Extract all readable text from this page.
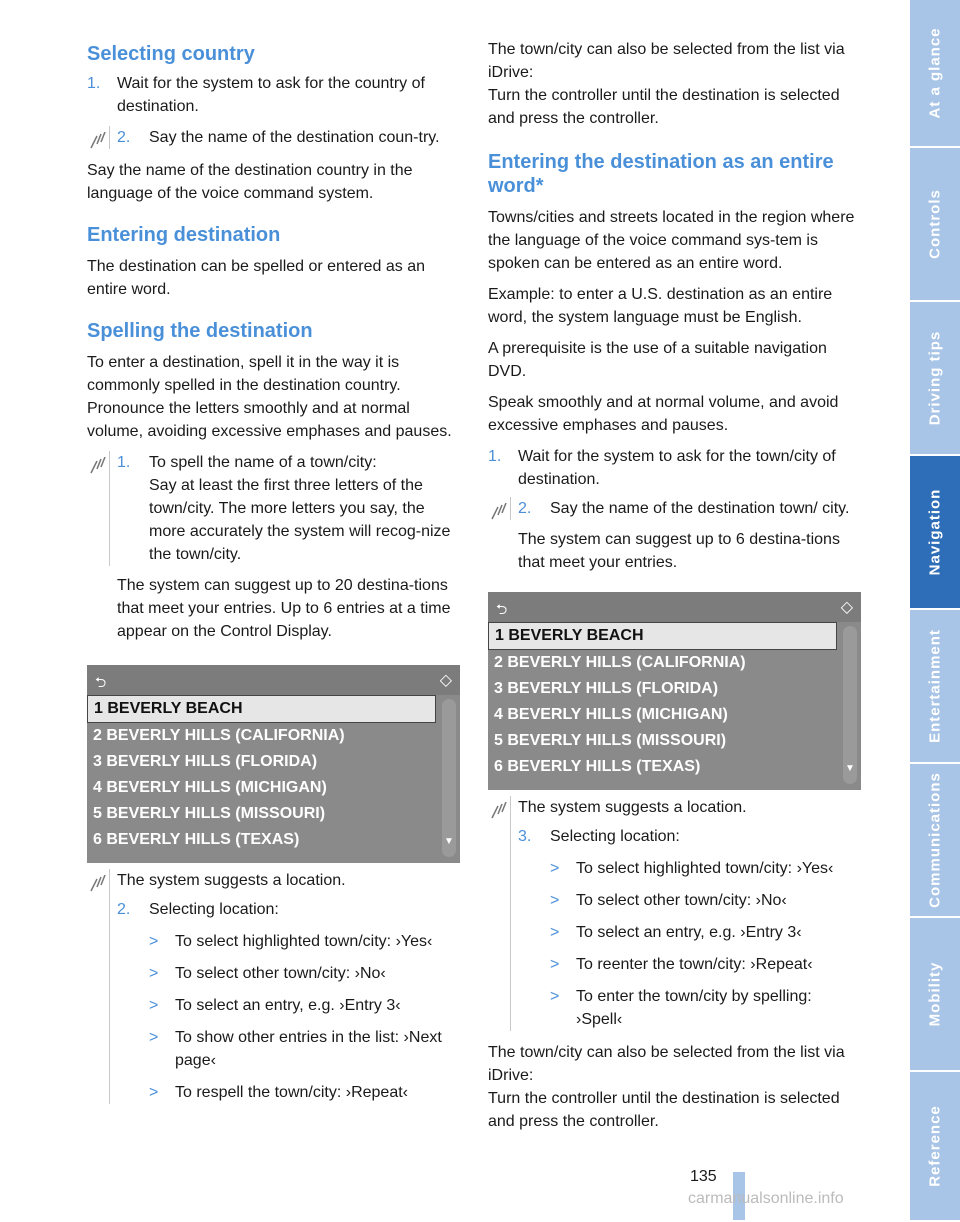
Selecting country
1. Wait for the system to ask for the country of destination.

2.	Say the name of the destination coun-try.

Say the name of the destination country in the language of the voice command system.

Entering destination

The destination can be spelled or entered as an entire word.

Spelling the destination

To enter a destination, spell it in the way it is commonly spelled in the destination country. Pronounce the letters smoothly and at normal volume, avoiding excessive emphases and pauses.

1.	To spell the name of a town/city:

Say at least the first three letters of the town/city. The more letters you say, the more accurately the system will recog-nize the town/city.

The system can suggest up to 20 destina-tions that meet your entries. Up to 6 entries at a time appear on the Control Display.

⮌	◇
1 BEVERLY BEACH
2 BEVERLY HILLS (CALIFORNIA)
3 BEVERLY HILLS (FLORIDA)
4 BEVERLY HILLS (MICHIGAN)
5 BEVERLY HILLS (MISSOURI)
6 BEVERLY HILLS (TEXAS)	▼

The system suggests a location.

2.	Selecting location:

> To select highlighted town/city: ›Yes‹
> To select other town/city: ›No‹
> To select an entry, e.g. ›Entry 3‹
> To show other entries in the list: ›Next page‹
> To respell the town/city: ›Repeat‹

The town/city can also be selected from the list via iDrive:

Turn the controller until the destination is selected and press the controller.

Entering the destination as an entire word*

Towns/cities and streets located in the region where the language of the voice command sys-tem is spoken can be entered as an entire word.

Example: to enter a U.S. destination as an entire word, the system language must be English.

A prerequisite is the use of a suitable navigation DVD.

Speak smoothly and at normal volume, and avoid excessive emphases and pauses.

1. Wait for the system to ask for the town/city of destination.

2.	Say the name of the destination town/ city.

The system can suggest up to 6 destina-tions that meet your entries.

⮌	◇
1 BEVERLY BEACH
2 BEVERLY HILLS (CALIFORNIA)
3 BEVERLY HILLS (FLORIDA)
4 BEVERLY HILLS (MICHIGAN)
5 BEVERLY HILLS (MISSOURI)
6 BEVERLY HILLS (TEXAS)	▼

The system suggests a location.

3.	Selecting location:

> To select highlighted town/city: ›Yes‹
> To select other town/city: ›No‹
> To select an entry, e.g. ›Entry 3‹
> To reenter the town/city: ›Repeat‹
> To enter the town/city by spelling: ›Spell‹

The town/city can also be selected from the list via iDrive:

Turn the controller until the destination is selected and press the controller.

At a glance
Controls
Driving tips
Navigation
Entertainment
Communications
Mobility
Reference
135
carmanualsonline.info
